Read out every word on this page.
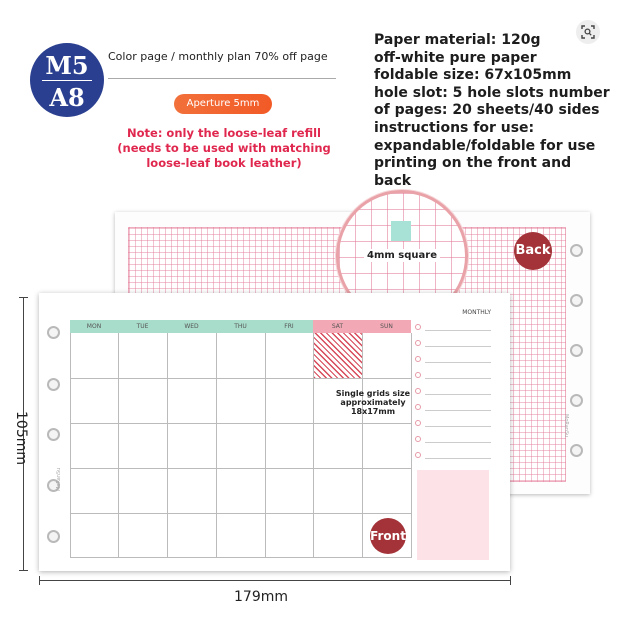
M5
A8
Color page / monthly plan 70% off page
Aperture 5mm
Note: only the loose-leaf refill (needs to be used with matching loose-leaf book leather)
Paper material: 120g
off-white pure paper
foldable size: 67x105mm
hole slot: 5 hole slots number
of pages: 20 sheets/40 sides
instructions for use:
expandable/foldable for use
printing on the front and
back
Back
MoRanSu
4mm square
MoRanSu
MON	TUE	WED	THU	FRI	SAT	SUN
Single grids size
approximately
18x17mm
MONTHLY
Front
105mm
179mm
